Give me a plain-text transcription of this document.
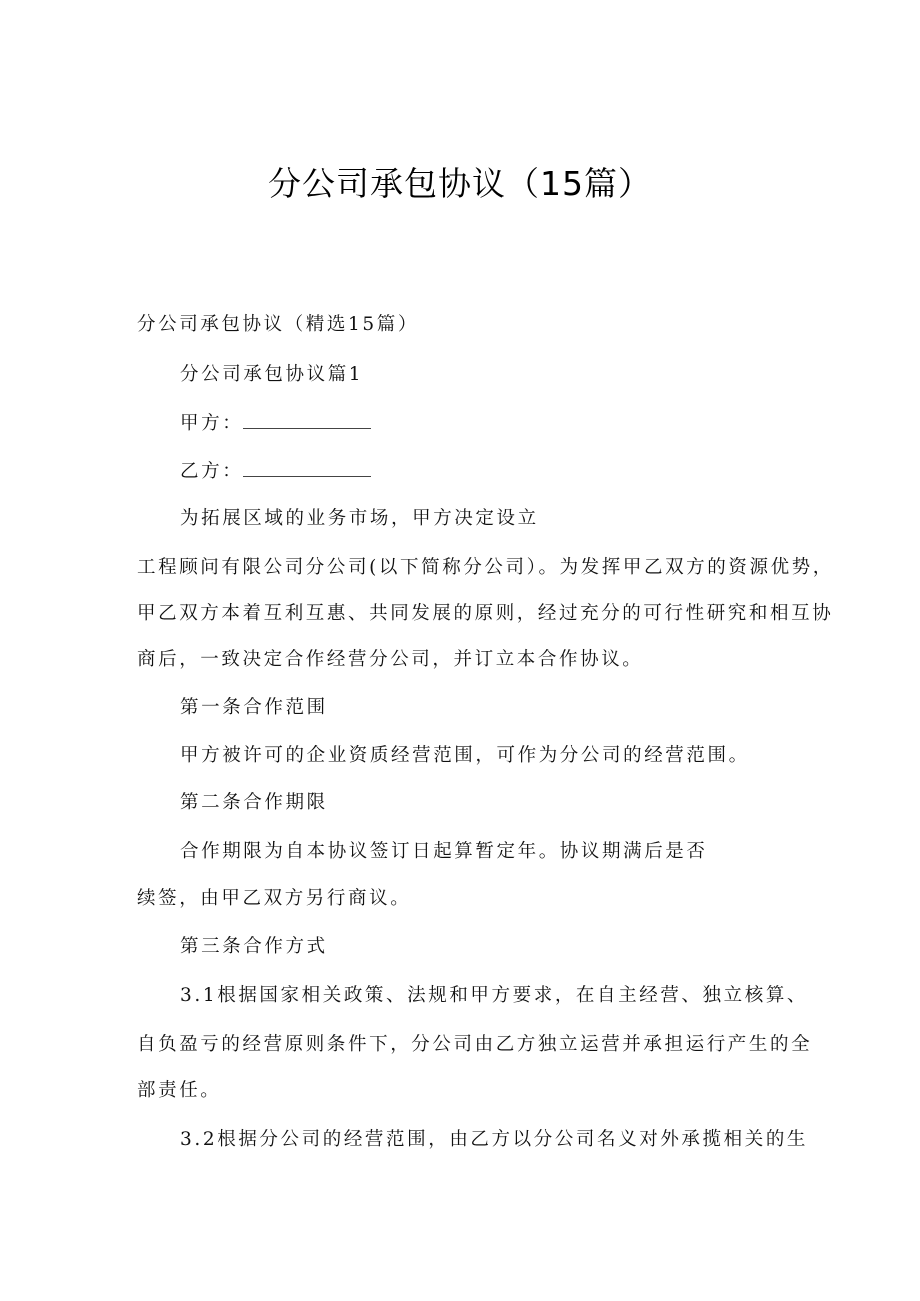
分公司承包协议（15篇）
分公司承包协议（精选15篇）
分公司承包协议篇1
甲方：
乙方：
为拓展区域的业务市场，甲方决定设立
工程顾问有限公司分公司(以下简称分公司）。为发挥甲乙双方的资源优势，
甲乙双方本着互利互惠、共同发展的原则，经过充分的可行性研究和相互协
商后，一致决定合作经营分公司，并订立本合作协议。
第一条合作范围
甲方被许可的企业资质经营范围，可作为分公司的经营范围。
第二条合作期限
合作期限为自本协议签订日起算暂定年。协议期满后是否
续签，由甲乙双方另行商议。
第三条合作方式
3.1根据国家相关政策、法规和甲方要求，在自主经营、独立核算、
自负盈亏的经营原则条件下，分公司由乙方独立运营并承担运行产生的全
部责任。
3.2根据分公司的经营范围，由乙方以分公司名义对外承揽相关的生
